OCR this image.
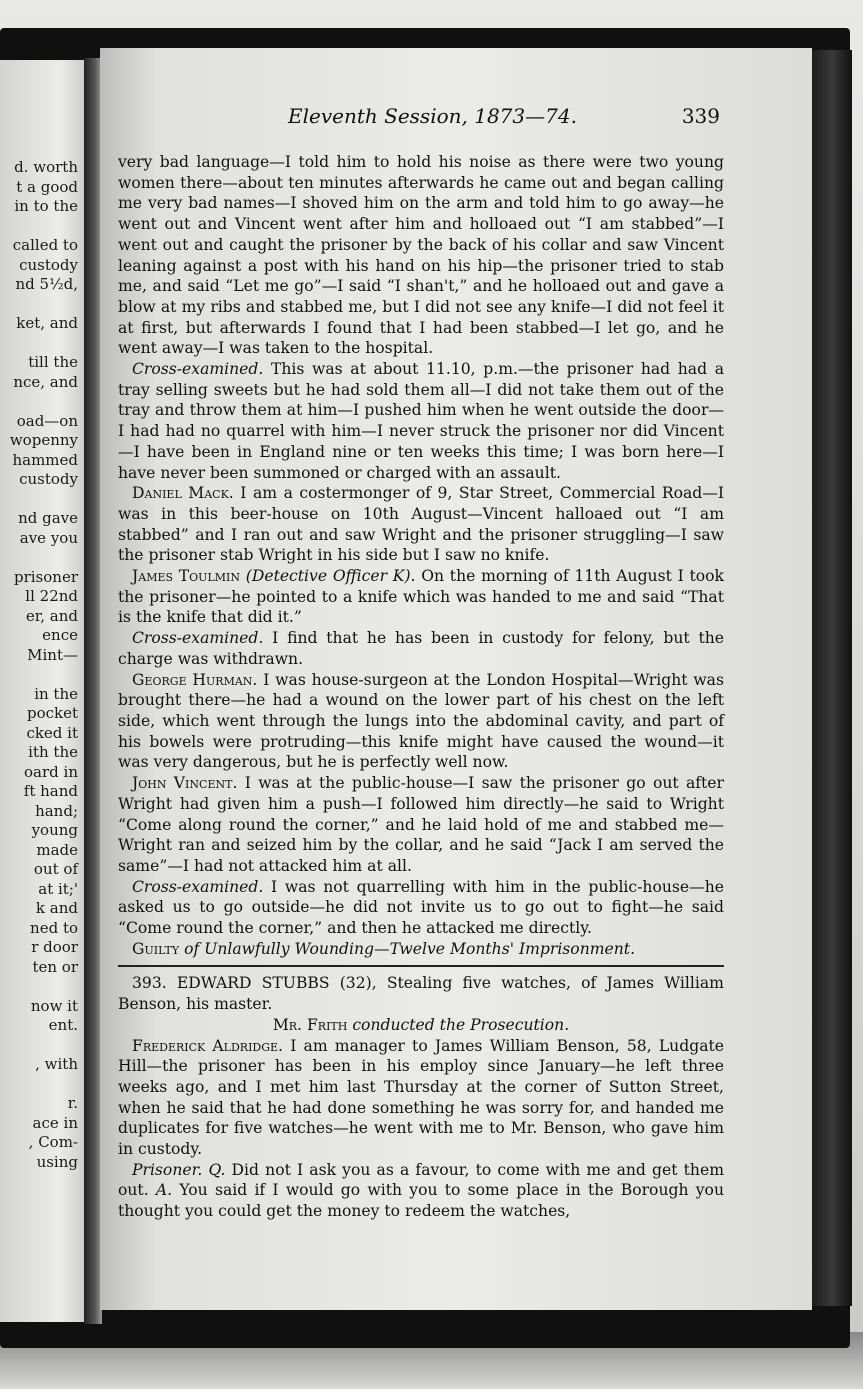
d. worth
t a good
in to the

called to
custody
nd 5½d,

ket, and

till the
nce, and

oad—on
wopenny
hammed
custody

nd gave
ave you

prisoner
ll 22nd
er, and
ence
Mint—

in the
pocket
cked it
ith the
oard in
ft hand
hand;
young
made
out of
at it;'
k and
ned to
r door
ten or

now it
ent.

, with

r.
ace in
, Com-
using
Eleventh Session, 1873—74.	339

very bad language—I told him to hold his noise as there were two young women there—about ten minutes afterwards he came out and began calling me very bad names—I shoved him on the arm and told him to go away—he went out and Vincent went after him and holloaed out “I am stabbed”—I went out and caught the prisoner by the back of his collar and saw Vincent leaning against a post with his hand on his hip—the prisoner tried to stab me, and said “Let me go”—I said “I shan't,” and he holloaed out and gave a blow at my ribs and stabbed me, but I did not see any knife—I did not feel it at first, but afterwards I found that I had been stabbed—I let go, and he went away—I was taken to the hospital.

Cross-examined. This was at about 11.10, p.m.—the prisoner had had a tray selling sweets but he had sold them all—I did not take them out of the tray and throw them at him—I pushed him when he went outside the door—I had had no quarrel with him—I never struck the prisoner nor did Vincent—I have been in England nine or ten weeks this time; I was born here—I have never been summoned or charged with an assault.

Daniel Mack. I am a costermonger of 9, Star Street, Commercial Road—I was in this beer-house on 10th August—Vincent halloaed out “I am stabbed” and I ran out and saw Wright and the prisoner struggling—I saw the prisoner stab Wright in his side but I saw no knife.

James Toulmin (Detective Officer K). On the morning of 11th August I took the prisoner—he pointed to a knife which was handed to me and said “That is the knife that did it.”

Cross-examined. I find that he has been in custody for felony, but the charge was withdrawn.

George Hurman. I was house-surgeon at the London Hospital—Wright was brought there—he had a wound on the lower part of his chest on the left side, which went through the lungs into the abdominal cavity, and part of his bowels were protruding—this knife might have caused the wound—it was very dangerous, but he is perfectly well now.

John Vincent. I was at the public-house—I saw the prisoner go out after Wright had given him a push—I followed him directly—he said to Wright “Come along round the corner,” and he laid hold of me and stabbed me—Wright ran and seized him by the collar, and he said “Jack I am served the same”—I had not attacked him at all.

Cross-examined. I was not quarrelling with him in the public-house—he asked us to go outside—he did not invite us to go out to fight—he said “Come round the corner,” and then he attacked me directly.

Guilty of Unlawfully Wounding—Twelve Months' Imprisonment.

393. EDWARD STUBBS (32), Stealing five watches, of James William Benson, his master.

Mr. Frith conducted the Prosecution.

Frederick Aldridge. I am manager to James William Benson, 58, Ludgate Hill—the prisoner has been in his employ since January—he left three weeks ago, and I met him last Thursday at the corner of Sutton Street, when he said that he had done something he was sorry for, and handed me duplicates for five watches—he went with me to Mr. Benson, who gave him in custody.

Prisoner. Q. Did not I ask you as a favour, to come with me and get them out. A. You said if I would go with you to some place in the Borough you thought you could get the money to redeem the watches,
